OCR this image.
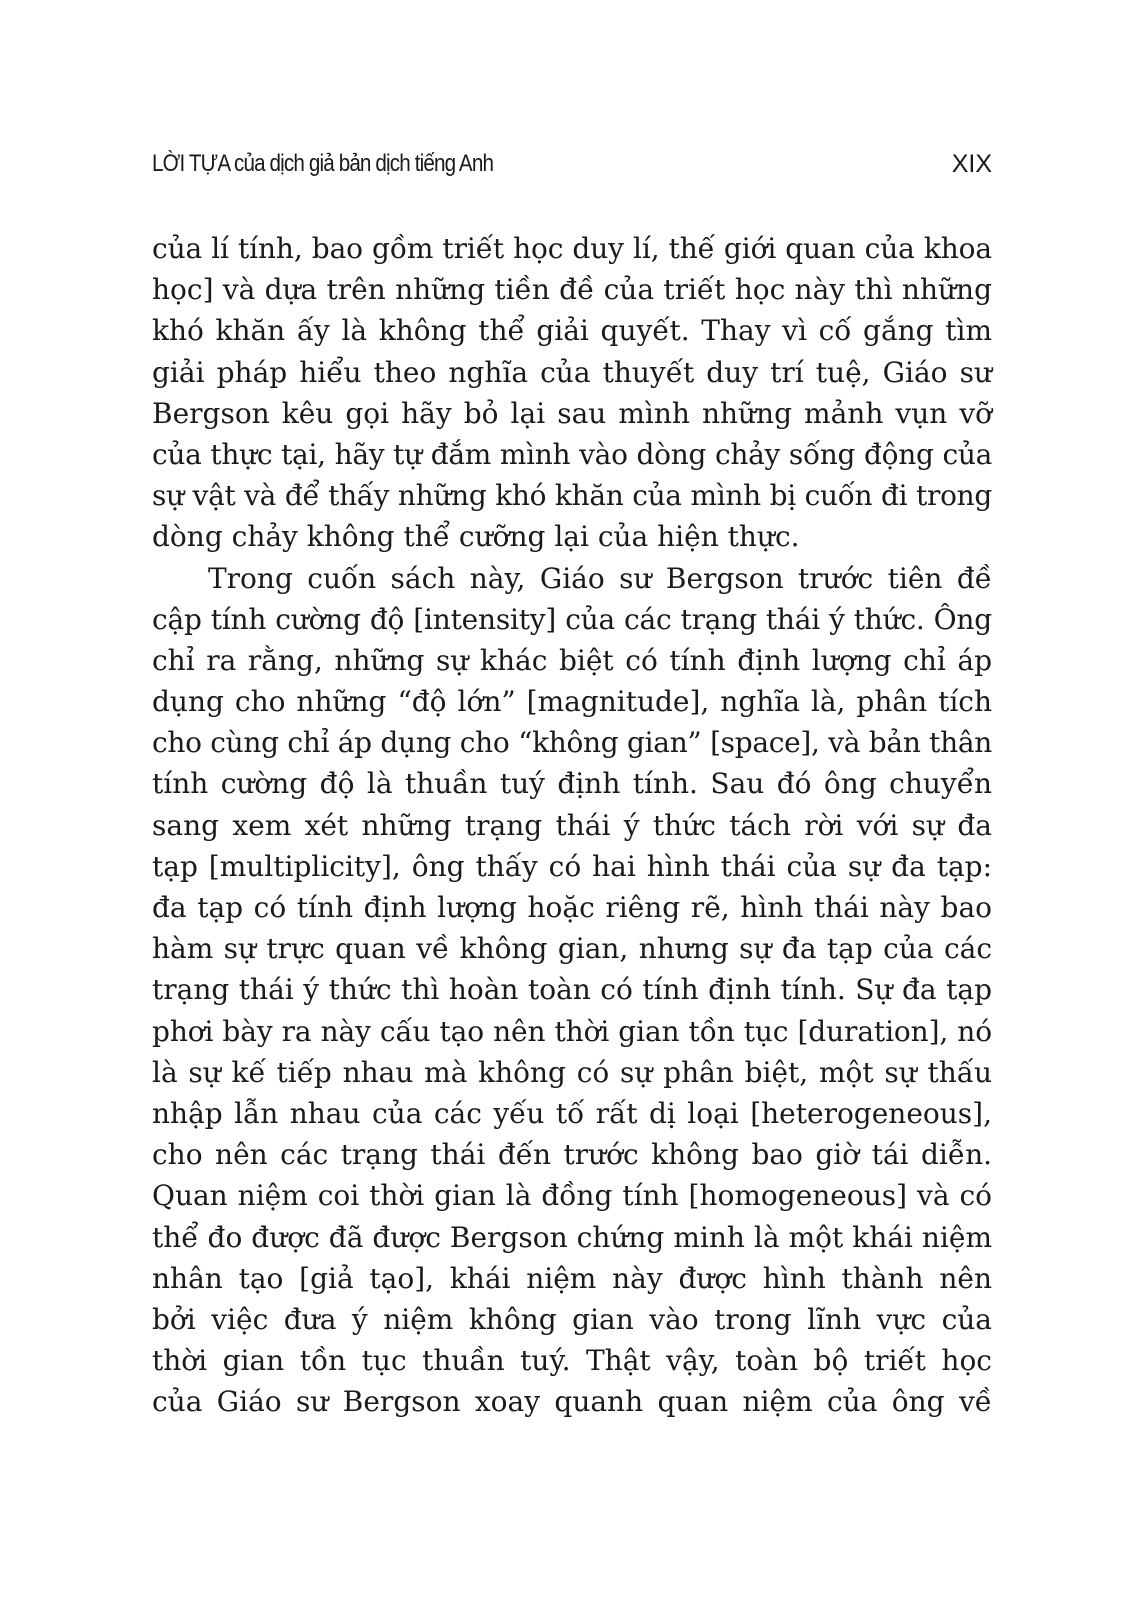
LỜI TỰA của dịch giả bản dịch tiếng Anh	XIX
của lí tính, bao gồm triết học duy lí, thế giới quan của khoa
học] và dựa trên những tiền đề của triết học này thì những
khó khăn ấy là không thể giải quyết. Thay vì cố gắng tìm
giải pháp hiểu theo nghĩa của thuyết duy trí tuệ, Giáo sư
Bergson kêu gọi hãy bỏ lại sau mình những mảnh vụn vỡ
của thực tại, hãy tự đắm mình vào dòng chảy sống động của
sự vật và để thấy những khó khăn của mình bị cuốn đi trong
dòng chảy không thể cưỡng lại của hiện thực.
Trong cuốn sách này, Giáo sư Bergson trước tiên đề
cập tính cường độ [intensity] của các trạng thái ý thức. Ông
chỉ ra rằng, những sự khác biệt có tính định lượng chỉ áp
dụng cho những “độ lớn” [magnitude], nghĩa là, phân tích
cho cùng chỉ áp dụng cho “không gian” [space], và bản thân
tính cường độ là thuần tuý định tính. Sau đó ông chuyển
sang xem xét những trạng thái ý thức tách rời với sự đa
tạp [multiplicity], ông thấy có hai hình thái của sự đa tạp:
đa tạp có tính định lượng hoặc riêng rẽ, hình thái này bao
hàm sự trực quan về không gian, nhưng sự đa tạp của các
trạng thái ý thức thì hoàn toàn có tính định tính. Sự đa tạp
phơi bày ra này cấu tạo nên thời gian tồn tục [duration], nó
là sự kế tiếp nhau mà không có sự phân biệt, một sự thấu
nhập lẫn nhau của các yếu tố rất dị loại [heterogeneous],
cho nên các trạng thái đến trước không bao giờ tái diễn.
Quan niệm coi thời gian là đồng tính [homogeneous] và có
thể đo được đã được Bergson chứng minh là một khái niệm
nhân tạo [giả tạo], khái niệm này được hình thành nên
bởi việc đưa ý niệm không gian vào trong lĩnh vực của
thời gian tồn tục thuần tuý. Thật vậy, toàn bộ triết học
của Giáo sư Bergson xoay quanh quan niệm của ông về
